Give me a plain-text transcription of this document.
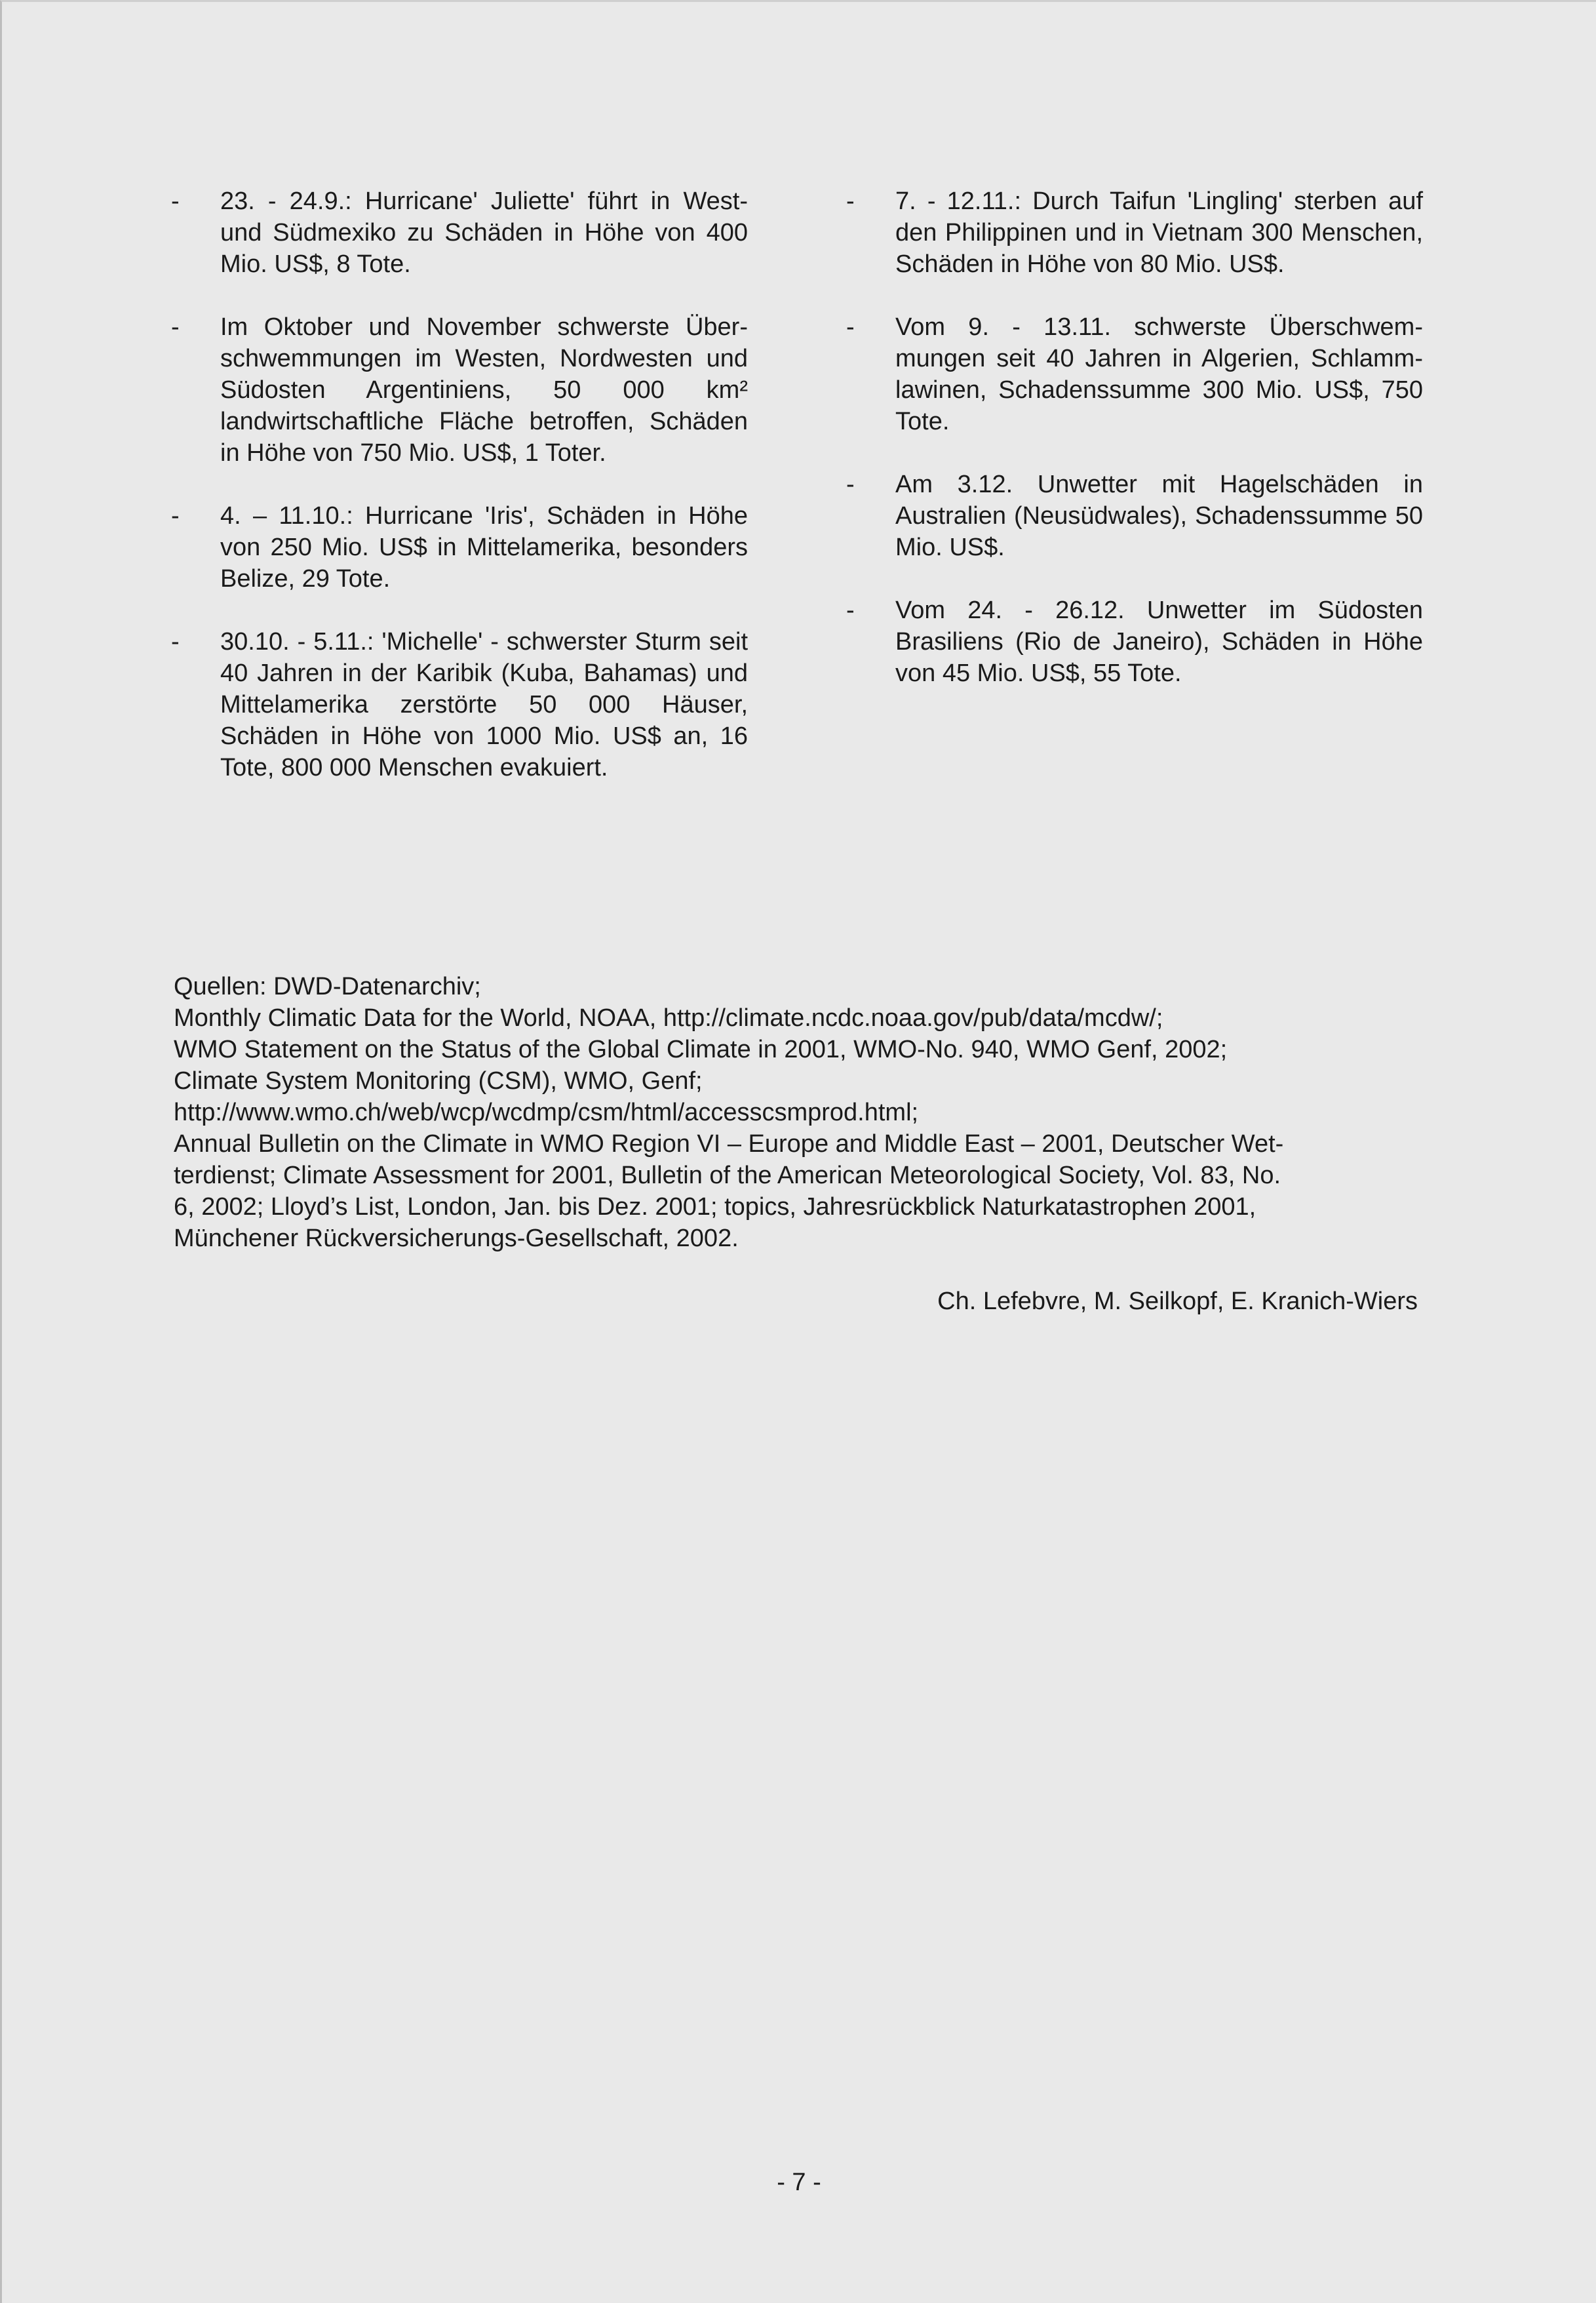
-	23. - 24.9.: Hurricane' Juliette' führt in West- und Südmexiko zu Schäden in Höhe von 400 Mio. US$, 8 Tote.
-	Im Oktober und November schwerste Überschwemmungen im Westen, Nordwesten und Südosten Argentiniens, 50 000 km² landwirtschaftliche Fläche betroffen, Schäden in Höhe von 750 Mio. US$, 1 Toter.
-	4. – 11.10.: Hurricane 'Iris', Schäden in Höhe von 250 Mio. US$ in Mittelamerika, besonders Belize, 29 Tote.
-	30.10. - 5.11.: 'Michelle' - schwerster Sturm seit 40 Jahren in der Karibik (Kuba, Bahamas) und Mittelamerika zerstörte 50 000 Häuser, Schäden in Höhe von 1000 Mio. US$ an, 16 Tote, 800 000 Menschen evakuiert.
-	7. - 12.11.: Durch Taifun 'Lingling' sterben auf den Philippinen und in Vietnam 300 Menschen, Schäden in Höhe von 80 Mio. US$.
-	Vom 9. - 13.11. schwerste Überschwemmungen seit 40 Jahren in Algerien, Schlammlawinen, Schadenssumme 300 Mio. US$, 750 Tote.
-	Am 3.12. Unwetter mit Hagelschäden in Australien (Neusüdwales), Schadenssumme 50 Mio. US$.
-	Vom 24. - 26.12. Unwetter im Südosten Brasiliens (Rio de Janeiro), Schäden in Höhe von 45 Mio. US$, 55 Tote.
Quellen: DWD-Datenarchiv;
Monthly Climatic Data for the World, NOAA, http://climate.ncdc.noaa.gov/pub/data/mcdw/;
WMO Statement on the Status of the Global Climate in 2001, WMO-No. 940, WMO Genf, 2002;
Climate System Monitoring (CSM), WMO, Genf;
http://www.wmo.ch/web/wcp/wcdmp/csm/html/accesscsmprod.html;
Annual Bulletin on the Climate in WMO Region VI – Europe and Middle East – 2001, Deutscher Wet-
terdienst; Climate Assessment for 2001, Bulletin of the American Meteorological Society, Vol. 83, No.
6, 2002; Lloyd’s List, London, Jan. bis Dez. 2001; topics, Jahresrückblick Naturkatastrophen 2001,
Münchener Rückversicherungs-Gesellschaft, 2002.
Ch. Lefebvre, M. Seilkopf, E. Kranich-Wiers
- 7 -
